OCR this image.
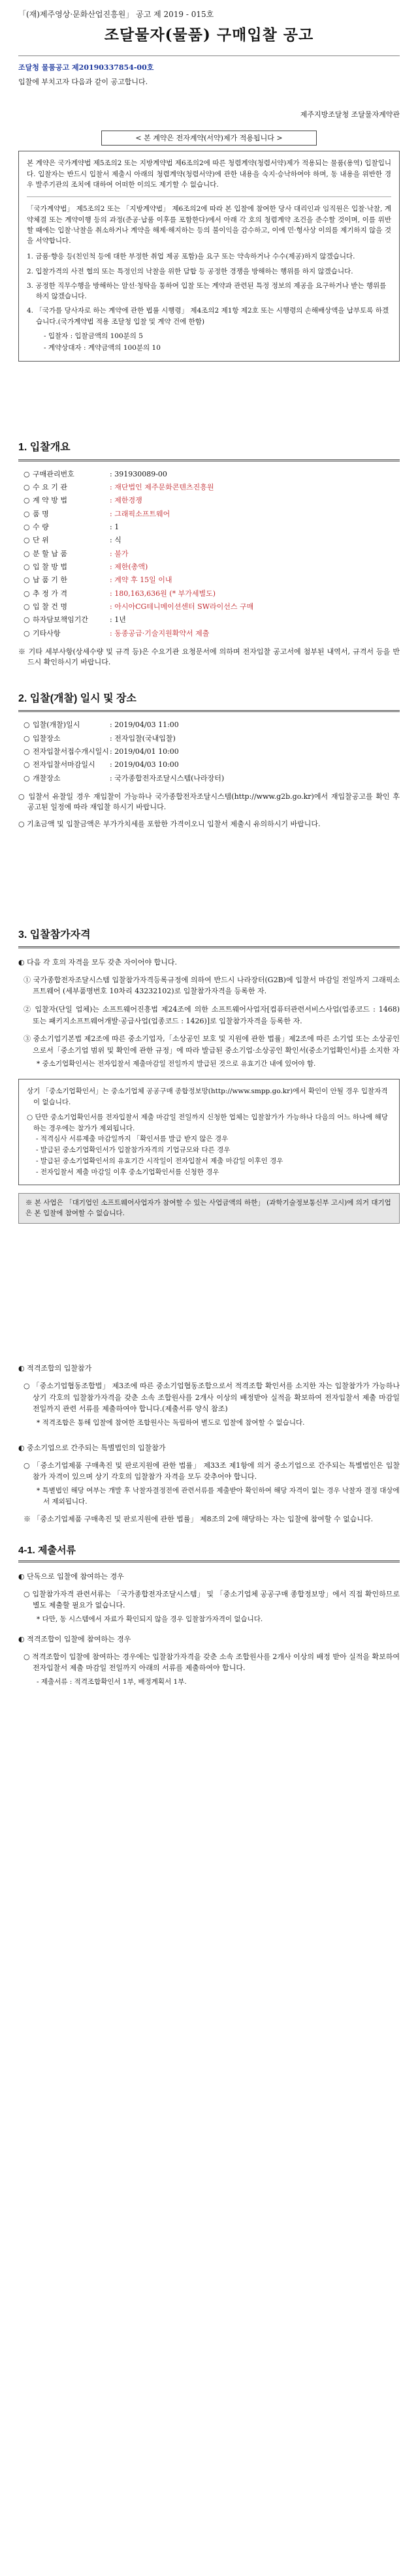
「(재)제주영상·문화산업진흥원」 공고 제 2019 - 015호
조달물자(물품) 구매입찰 공고
조달청 물품공고 제20190337854-00호
입찰에 부치고자 다음과 같이 공고합니다.
제주지방조달청 조달물자계약관
< 본 계약은 전자계약(서약)제가 적용됩니다 >

본 계약은 국가계약법 제5조의2 또는 지방계약법 제6조의2에 따른 청렴계약(청렴서약)제가 적용되는 물품(용역) 입찰입니다. 입찰자는 반드시 입찰서 제출시 아래의 청렴계약(청렴서약)에 관한 내용을 숙지·승낙하여야 하며, 동 내용을 위반한 경우 발주기관의 조치에 대하여 어떠한 이의도 제기할 수 없습니다.

「국가계약법」 제5조의2 또는 「지방계약법」 제6조의2에 따라 본 입찰에 참여한 당사 대리인과 임직원은 입찰·낙찰, 계약체결 또는 계약이행 등의 과정(준공·납품 이후를 포함한다)에서 아래 각 호의 청렴계약 조건을 준수할 것이며, 이를 위반할 때에는 입찰·낙찰을 취소하거나 계약을 해제·해지하는 등의 불이익을 감수하고, 이에 민·형사상 이의를 제기하지 않을 것을 서약합니다.

1. 금품·향응 등(친인척 등에 대한 부정한 취업 제공 포함)을 요구 또는 약속하거나 수수(제공)하지 않겠습니다.
2. 입찰가격의 사전 협의 또는 특정인의 낙찰을 위한 담합 등 공정한 경쟁을 방해하는 행위를 하지 않겠습니다.
3. 공정한 직무수행을 방해하는 알선·청탁을 통하여 입찰 또는 계약과 관련된 특정 정보의 제공을 요구하거나 받는 행위를 하지 않겠습니다.
4. 「국가를 당사자로 하는 계약에 관한 법률 시행령」 제4조의2 제1항 제2호 또는 시행령의 손해배상액을 납부토록 하겠습니다.(국가계약법 적용 조달청 입찰 및 계약 건에 한함)
- 입찰자 : 입찰금액의 100분의 5
- 계약상대자 : 계약금액의 100분의 10
1. 입찰개요
○ 구매관리번호	: 391930089-00
○ 수 요 기 관	: 재단법인 제주문화콘텐츠진흥원
○ 계 약 방 법	: 제한경쟁
○ 품 명	: 그래픽소프트웨어
○ 수 량	: 1
○ 단 위	: 식
○ 분 할 납 품	: 불가
○ 입 찰 방 법	: 제한(총액)
○ 납 품 기 한	: 계약 후 15일 이내
○ 추 정 가 격	: 180,163,636원 (* 부가세별도)
○ 입 찰 건 명	: 아시아CG테니메이션센터 SW라이선스 구매
○ 하자담보책임기간	: 1년
○ 기타사항	: 동종공급·기술지원확약서 제출
※ 기타 세부사항(상세수량 및 규격 등)은 수요기관 요청문서에 의하며 전자입찰 공고서에 첨부된 내역서, 규격서 등을 반드시 확인하시기 바랍니다.
2. 입찰(개찰) 일시 및 장소
○ 입찰(개찰)일시	: 2019/04/03 11:00
○ 입찰장소	: 전자입찰(국내입찰)
○ 전자입찰서접수개시일시 : 2019/04/01 10:00
○ 전자입찰서마감일시	: 2019/04/03 10:00
○ 개찰장소	: 국가종합전자조달시스템(나라장터)
○ 입찰서 유찰일 경우 재입찰이 가능하나 국가종합전자조달시스템(http://www.g2b.go.kr)에서 재입찰공고를 확인 후 공고된 일정에 따라 재입찰 하시기 바랍니다.
○ 기초금액 및 입찰금액은 부가가치세를 포함한 가격이오니 입찰서 제출시 유의하시기 바랍니다.
3. 입찰참가자격
◐ 다음 각 호의 자격을 모두 갖춘 자이어야 합니다.
① 국가종합전자조달시스템 입찰참가자격등록규정에 의하여 반드시 나라장터(G2B)에 입찰서 마감일 전일까지 그래픽소프트웨어 (세부품명번호 10차리 43232102)로 입찰참가자격을 등록한 자.
② 입찰자(단일 업체)는 소프트웨어진흥법 제24조에 의한 소프트웨어사업자[컴퓨터관련서비스사업(업종코드 : 1468) 또는 패키지소프트웨어개발·공급사업(업종코드 : 1426)]로 입찰참가자격을 등록한 자.
③ 중소기업기본법 제2조에 따른 중소기업자,「소상공인 보호 및 지원에 관한 법률」제2조에 따른 소기업 또는 소상공인으로서「중소기업 범위 및 확인에 관한 규정」에 따라 발급된 중소기업·소상공인 확인서(중소기업확인서)를 소지한 자
* 중소기업확인서는 전자입찰서 제출마감일 전일까지 발급된 것으로 유효기간 내에 있어야 함.
상기 「중소기업확인서」는 중소기업체 공공구매 종합정보망(http://www.smpp.go.kr)에서 확인이 안될 경우 입찰자격이 없습니다.
○ 단만 중소기업확인서를 전자입찰서 제출 마감일 전일까지 신청한 업체는 입찰참가가 가능하나 다음의 어느 하나에 해당하는 경우에는 참가가 제외됩니다.
- 적격심사 서류제출 마감일까지 「확인서를 발급 받지 않은 경우
- 발급된 중소기업확인서가 입찰참가자격의 기업규모와 다른 경우
- 발급된 중소기업확인서의 유효기간 시작일이 전자입찰서 제출 마감일 이후인 경우
- 전자입찰서 제출 마감일 이후 중소기업확인서를 신청한 경우
※ 본 사업은 「대기업인 소프트웨어사업자가 참여할 수 있는 사업금액의 하한」 (과학기술정보통신부 고시)에 의거 대기업은 본 입찰에 참여할 수 없습니다.
◐ 적격조합의 입찰참가
○ 「중소기업협동조합법」 제3조에 따른 중소기업협동조합으로서 적격조합 확인서를 소지한 자는 입찰참가가 가능하나 상기 각호의 입찰참가자격을 갖춘 소속 조합원사를 2개사 이상의 배정받아 실적을 확보하여 전자입찰서 제출 마감일 전일까지 관련 서류를 제출하여야 합니다.(제출서류 양식 참조)
* 적격조합은 통해 입찰에 참여한 조합원사는 독립하여 별도로 입찰에 참여할 수 없습니다.
◐ 중소기업으로 간주되는 특별법인의 입찰참가
○ 「중소기업제품 구매촉진 및 판로지원에 관한 법률」 제33조 제1항에 의거 중소기업으로 간주되는 특별법인은 입찰참가 자격이 있으며 상기 각호의 입찰참가 자격을 모두 갖추어야 합니다.
* 특별법인 해당 여부는 개발 후 낙찰자결정전에 관련서류를 제출받아 확인하여 해당 자격이 없는 경우 낙찰자 결정 대상에서 제외됩니다.
※ 「중소기업제품 구매촉진 및 판로지원에 관한 법률」 제8조의 2에 해당하는 자는 입찰에 참여할 수 없습니다.
4-1. 제출서류
◐ 단독으로 입찰에 참여하는 경우
○ 입찰참가자격 관련서류는 「국가종합전자조달시스템」 및 「중소기업체 공공구매 종합정보망」에서 직접 확인하므로 별도 제출할 필요가 없습니다.
* 다만, 동 시스템에서 자료가 확인되지 않을 경우 입찰참가자격이 없습니다.
◐ 적격조합이 입찰에 참여하는 경우
○ 적격조합이 입찰에 참여하는 경우에는 입찰참가자격을 갖춘 소속 조합원사를 2개사 이상의 배정 받아 실적을 확보하여 전자입찰서 제출 마감일 전일까지 아래의 서류를 제출하여야 합니다.
- 제출서류 : 적격조합확인서 1부, 배정계획서 1부.
